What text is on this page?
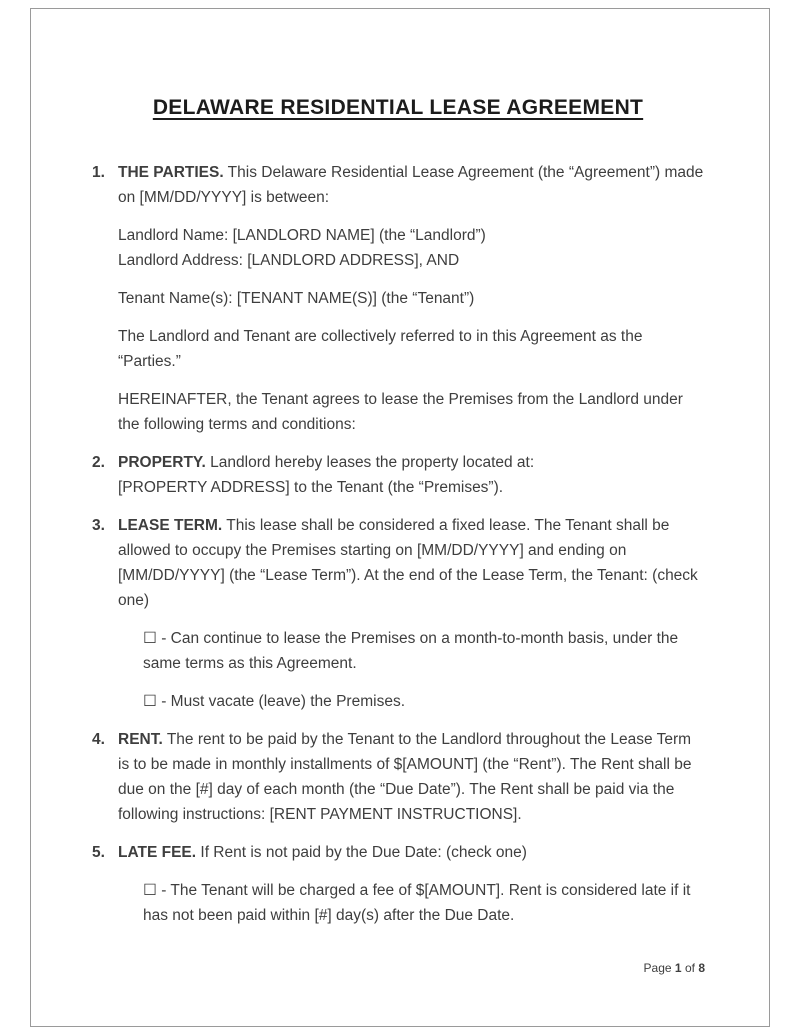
DELAWARE RESIDENTIAL LEASE AGREEMENT
1. THE PARTIES. This Delaware Residential Lease Agreement (the “Agreement”) made on [MM/DD/YYYY] is between:

Landlord Name: [LANDLORD NAME] (the “Landlord”)
Landlord Address: [LANDLORD ADDRESS], AND

Tenant Name(s): [TENANT NAME(S)] (the “Tenant”)

The Landlord and Tenant are collectively referred to in this Agreement as the “Parties.”

HEREINAFTER, the Tenant agrees to lease the Premises from the Landlord under the following terms and conditions:

2. PROPERTY. Landlord hereby leases the property located at:
[PROPERTY ADDRESS] to the Tenant (the “Premises”).

3. LEASE TERM. This lease shall be considered a fixed lease. The Tenant shall be allowed to occupy the Premises starting on [MM/DD/YYYY] and ending on [MM/DD/YYYY] (the “Lease Term”). At the end of the Lease Term, the Tenant: (check one)

☐ - Can continue to lease the Premises on a month-to-month basis, under the same terms as this Agreement.

☐ - Must vacate (leave) the Premises.

4. RENT. The rent to be paid by the Tenant to the Landlord throughout the Lease Term is to be made in monthly installments of $[AMOUNT] (the “Rent”). The Rent shall be due on the [#] day of each month (the “Due Date”). The Rent shall be paid via the following instructions: [RENT PAYMENT INSTRUCTIONS].

5. LATE FEE. If Rent is not paid by the Due Date: (check one)

☐ - The Tenant will be charged a fee of $[AMOUNT]. Rent is considered late if it has not been paid within [#] day(s) after the Due Date.

Page 1 of 8
